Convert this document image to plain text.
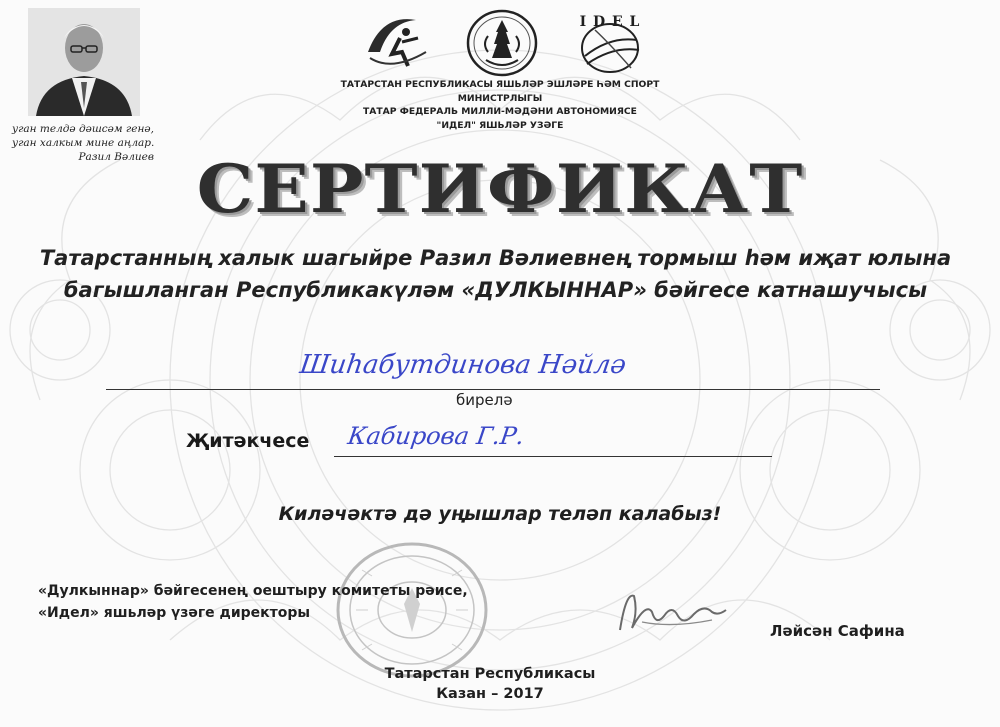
уган телдә дәшсәм генә,
уган халкым мине аңлар.
Разил Вәлиев
I D E L
ТАТАРСТАН РЕСПУБЛИКАСЫ ЯШЬЛӘР ЭШЛӘРЕ ҺӘМ СПОРТ МИНИСТРЛЫГЫ
ТАТАР ФЕДЕРАЛЬ МИЛЛИ-МӘДӘНИ АВТОНОМИЯСЕ
"ИДЕЛ" ЯШЬЛӘР УЗӘГЕ
СЕРТИФИКАТ
Татарстанның халык шагыйре Разил Вәлиевнең тормыш һәм иҗат юлына
багышланган Республикакүләм «ДУЛКЫННАР» бәйгесе катнашучысы
Шиһабутдинова Нәйлә
бирелә
Җитәкчесе Кабирова Г.Р.
Киләчәктә дә уңышлар теләп калабыз!
«Дулкыннар» бәйгесенең оештыру комитеты рәисе,
«Идел» яшьләр үзәге директоры
Ләйсән Сафина
Татарстан Республикасы
Казан – 2017
